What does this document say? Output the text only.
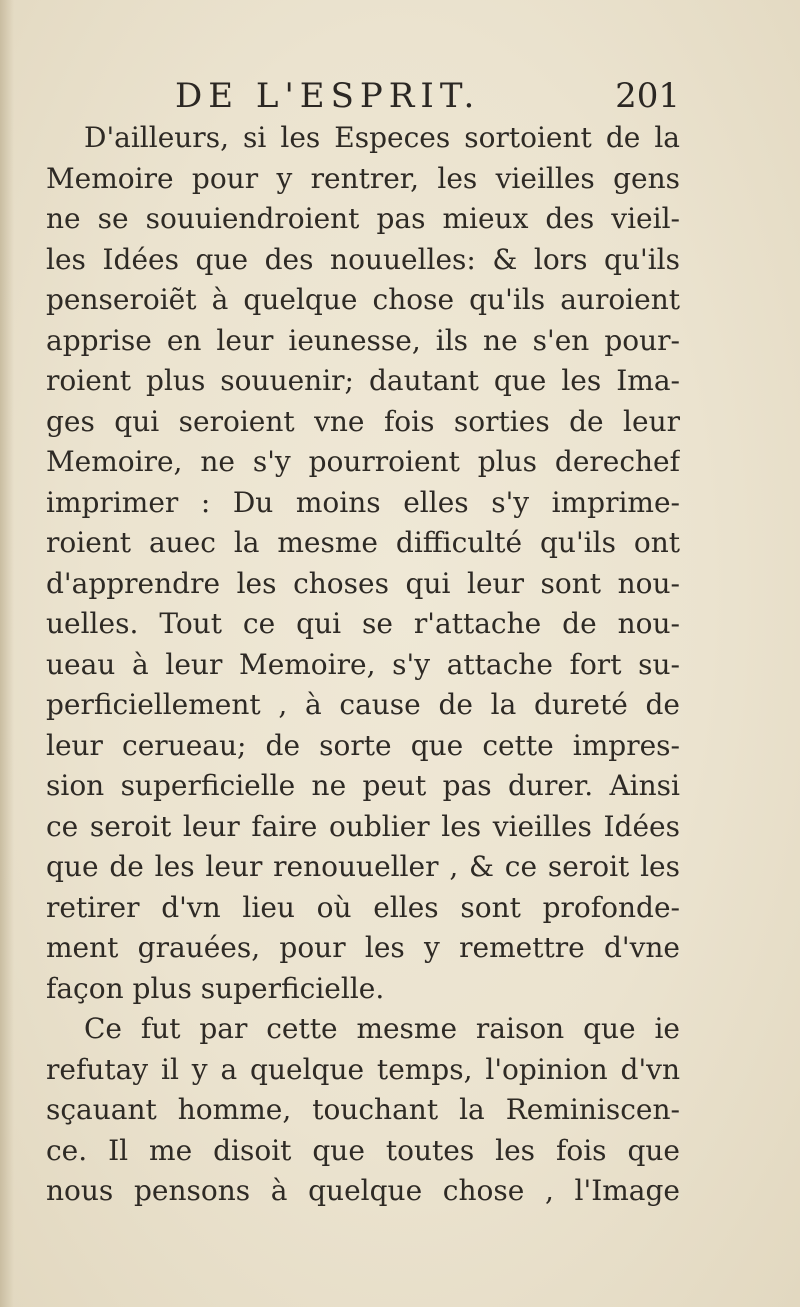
DE L'ESPRIT.	201
D'ailleurs, si les Especes sortoient de la
Memoire pour y rentrer, les vieilles gens
ne se souuiendroient pas mieux des vieil-
les Idées que des nouuelles: & lors qu'ils
penseroiẽt à quelque chose qu'ils auroient
apprise en leur ieunesse, ils ne s'en pour-
roient plus souuenir; dautant que les Ima-
ges qui seroient vne fois sorties de leur
Memoire, ne s'y pourroient plus derechef
imprimer : Du moins elles s'y imprime-
roient auec la mesme difficulté qu'ils ont
d'apprendre les choses qui leur sont nou-
uelles. Tout ce qui se r'attache de nou-
ueau à leur Memoire, s'y attache fort su-
perficiellement , à cause de la dureté de
leur cerueau; de sorte que cette impres-
sion superficielle ne peut pas durer. Ainsi
ce seroit leur faire oublier les vieilles Idées
que de les leur renouueller , & ce seroit les
retirer d'vn lieu où elles sont profonde-
ment grauées, pour les y remettre d'vne
façon plus superficielle.
Ce fut par cette mesme raison que ie
refutay il y a quelque temps, l'opinion d'vn
sçauant homme, touchant la Reminiscen-
ce. Il me disoit que toutes les fois que
nous pensons à quelque chose , l'Image
